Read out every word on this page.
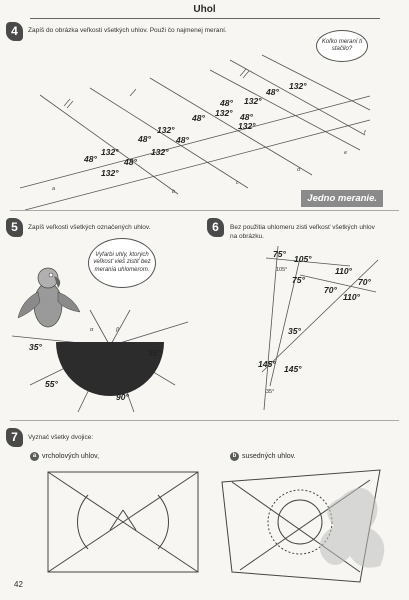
Uhol
4	Zapíš do obrázka veľkosti všetkých uhlov. Použi čo najmenej meraní.
Koľko meraní ti stačilo?
132°
48°	48°
132°
132°
48°	48°
132°
48° 132°
132° 48°
48°
132°
132°
48°
a	b
c
d
e
f
Jedno meranie.
5	Zapíš veľkosti všetkých označených uhlov.
Vyfarbi uhly, ktorých veľkosť vieš zistiť bez merania uhlomerom.
35°
35°
55°
90°
α	β
6	Bez použitia uhlomeru zisti veľkosť všetkých uhlov na obrázku.
105°
35°
75° 105°
75°
110°
70°
70°
110°
35°
145° 145°
7	Vyznač všetky dvojice:
a vrcholových uhlov,	b susedných uhlov.
42
